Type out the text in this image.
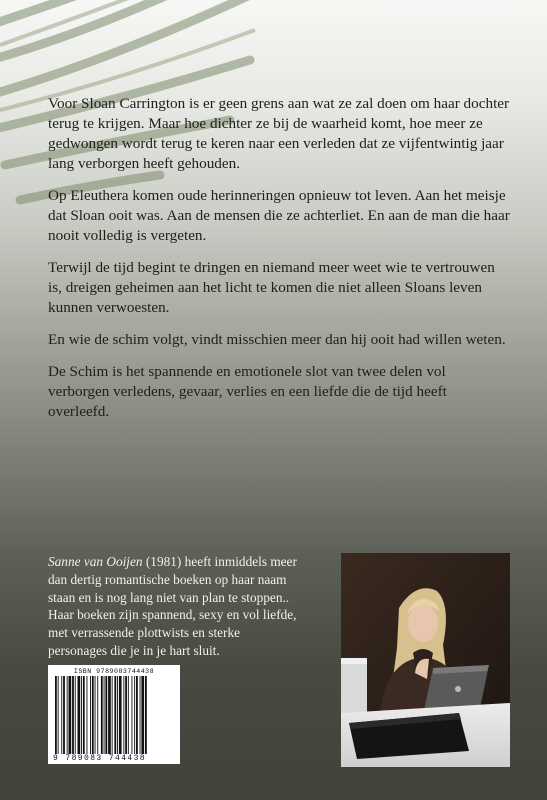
Voor Sloan Carrington is er geen grens aan wat ze zal doen om haar dochter terug te krijgen. Maar hoe dichter ze bij de waarheid komt, hoe meer ze gedwongen wordt terug te keren naar een verleden dat ze vijfentwintig jaar lang verborgen heeft gehouden.

Op Eleuthera komen oude herinneringen opnieuw tot leven. Aan het meisje dat Sloan ooit was. Aan de mensen die ze achterliet. En aan de man die haar nooit volledig is vergeten.

Terwijl de tijd begint te dringen en niemand meer weet wie te vertrouwen is, dreigen geheimen aan het licht te komen die niet alleen Sloans leven kunnen verwoesten.

En wie de schim volgt, vindt misschien meer dan hij ooit had willen weten.

De Schim is het spannende en emotionele slot van twee delen vol verborgen verledens, gevaar, verlies en een liefde die de tijd heeft overleefd.

Sanne van Ooijen (1981) heeft inmiddels meer dan dertig romantische boeken op haar naam staan en is nog lang niet van plan te stoppen.. Haar boeken zijn spannend, sexy en vol liefde, met verrassende plottwists en sterke personages die je in je hart sluit.
ISBN 9789083744438
9 789083 744438
